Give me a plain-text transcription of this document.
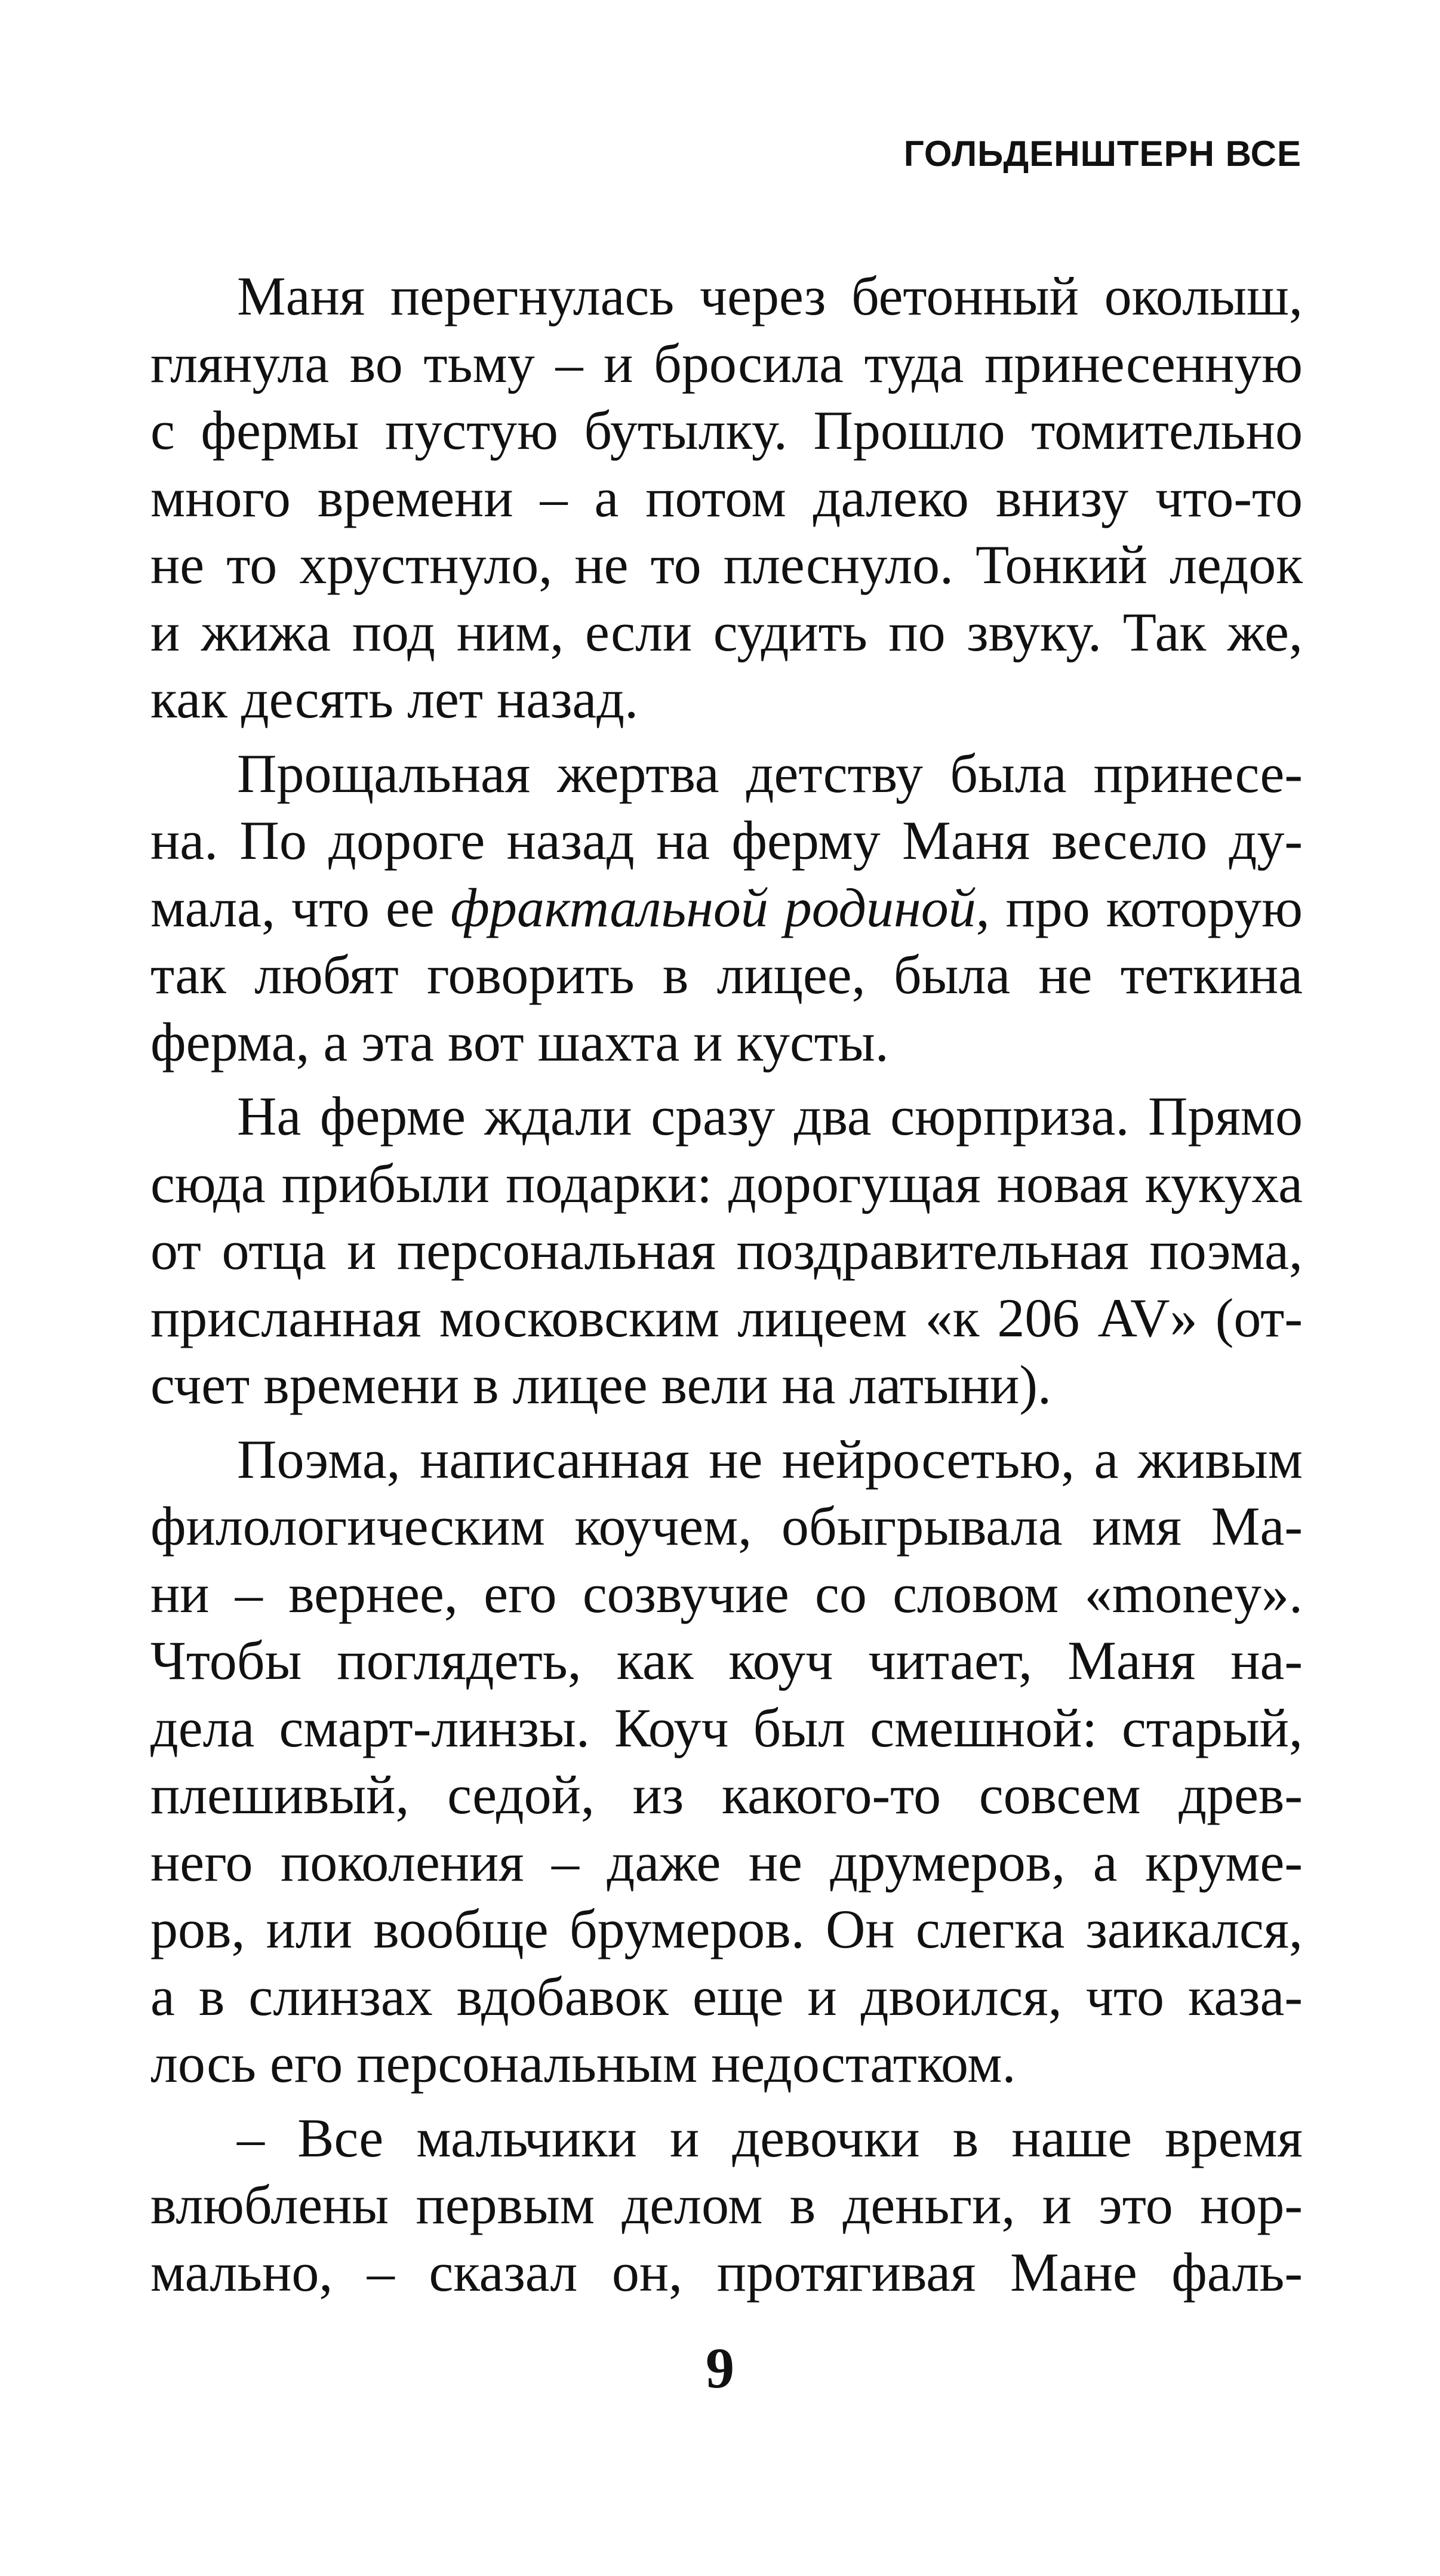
ГОЛЬДЕНШТЕРН ВСЕ
Маня перегнулась через бетонный околыш,
глянула во тьму – и бросила туда принесенную
с фермы пустую бутылку. Прошло томительно
много времени – а потом далеко внизу что-то
не то хрустнуло, не то плеснуло. Тонкий ледок
и жижа под ним, если судить по звуку. Так же,
как десять лет назад.
Прощальная жертва детству была принесе-
на. По дороге назад на ферму Маня весело ду-
мала, что ее фрактальной родиной, про которую
так любят говорить в лицее, была не теткина
ферма, а эта вот шахта и кусты.
На ферме ждали сразу два сюрприза. Прямо
сюда прибыли подарки: дорогущая новая кукуха
от отца и персональная поздравительная поэма,
присланная московским лицеем «к 206 AV» (от-
счет времени в лицее вели на латыни).
Поэма, написанная не нейросетью, а живым
филологическим коучем, обыгрывала имя Ма-
ни – вернее, его созвучие со словом «money».
Чтобы поглядеть, как коуч читает, Маня на-
дела смарт-линзы. Коуч был смешной: старый,
плешивый, седой, из какого-то совсем древ-
него поколения – даже не друмеров, а круме-
ров, или вообще брумеров. Он слегка заикался,
а в слинзах вдобавок еще и двоился, что каза-
лось его персональным недостатком.
– Все мальчики и девочки в наше время
влюблены первым делом в деньги, и это нор-
мально, – сказал он, протягивая Мане фаль-
9
